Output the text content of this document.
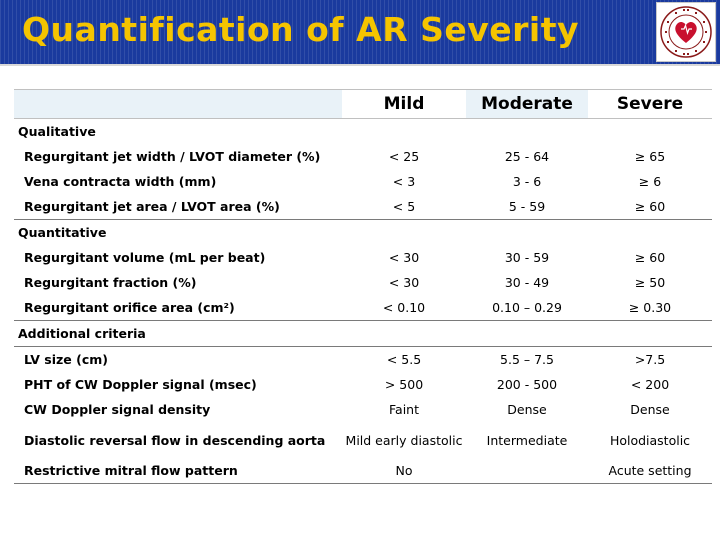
Quantification of AR Severity
	Mild	Moderate	Severe
Qualitative			
Regurgitant jet width / LVOT diameter (%)	< 25	25 - 64	≥ 65
Vena contracta width (mm)	< 3	3 - 6	≥ 6
Regurgitant jet area / LVOT area (%)	< 5	5 - 59	≥ 60
Quantitative			
Regurgitant volume (mL per beat)	< 30	30 - 59	≥ 60
Regurgitant fraction (%)	< 30	30 - 49	≥ 50
Regurgitant orifice area (cm²)	< 0.10	0.10 – 0.29	≥ 0.30
Additional criteria			
LV size (cm)	< 5.5	5.5 – 7.5	>7.5
PHT of CW Doppler signal (msec)	> 500	200 - 500	< 200
CW Doppler signal density	Faint	Dense	Dense
Diastolic reversal flow in descending aorta	Mild early diastolic	Intermediate	Holodiastolic
Restrictive mitral flow pattern	No		Acute setting
